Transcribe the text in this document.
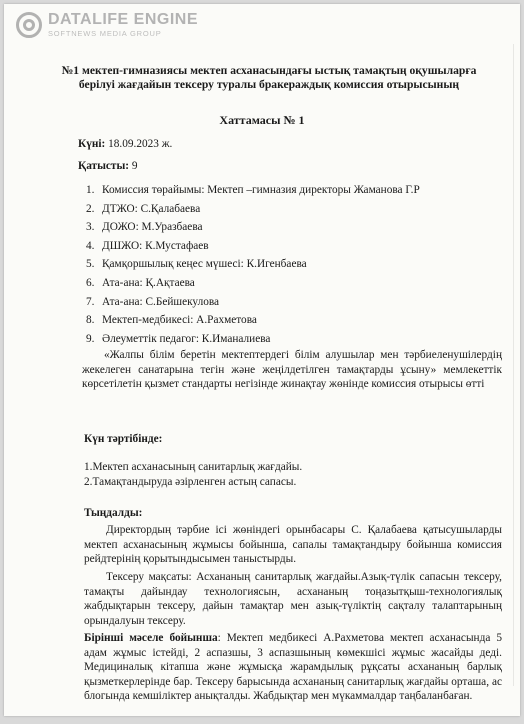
DATALIFE ENGINE
SOFTNEWS MEDIA GROUP
№1 мектеп-гимназиясы мектеп асханасындағы ыстық тамақтың оқушыларға берілуі жағдайын тексеру туралы бракераждық комиссия отырысының
Хаттамасы № 1
Күні: 18.09.2023 ж.
Қатысты: 9
1. Комиссия төрайымы: Мектеп –гимназия директоры Жаманова Г.Р
2. ДТЖО: С.Қалабаева
3. ДОЖО: М.Уразбаева
4. ДШЖО: К.Мустафаев
5. Қамқоршылық кеңес мүшесі: К.Игенбаева
6. Ата-ана: Қ.Ақтаева
7. Ата-ана: С.Бейшекулова
8. Мектеп-медбикесі: А.Рахметова
9. Әлеуметтік педагог: К.Иманалиева
«Жалпы білім беретін мектептердегі білім алушылар мен тәрбиеленушілердің жекелеген санатарына тегін және жеңілдетілген тамақтарды ұсыну» мемлекеттік көрсетілетін қызмет стандарты негізінде жинақтау жөнінде комиссия отырысы өтті
Күн тәртібінде:
1.Мектеп асханасының санитарлық жағдайы.
2.Тамақтандыруда әзірленген астың сапасы.
Тыңдалды:
Директордың тәрбие ісі жөніндегі орынбасары С. Қалабаева қатысушыларды мектеп асханасының жұмысы бойынша, сапалы тамақтандыру бойынша комиссия рейдтерінің қорытындысымен таныстырды.
Тексеру мақсаты: Асхананың санитарлық жағдайы.Азық-түлік сапасын тексеру, тамақты дайындау технологиясын, асхананың тоңазытқыш-технологиялық жабдықтарын тексеру, дайын тамақтар мен азық-түліктің сақталу талаптарының орындалуын тексеру.
Бірінші мәселе бойынша: Мектеп медбикесі А.Рахметова мектеп асханасында 5 адам жұмыс істейді, 2 аспазшы, 3 аспазшының көмекшісі жұмыс жасайды деді. Медициналық кітапша және жұмысқа жарамдылық рұқсаты асхананың барлық қызметкерлерінде бар. Тексеру барысында асхананың санитарлық жағдайы орташа, ас блогында кемшіліктер анықталды. Жабдықтар мен мүкаммалдар таңбаланбаған.
